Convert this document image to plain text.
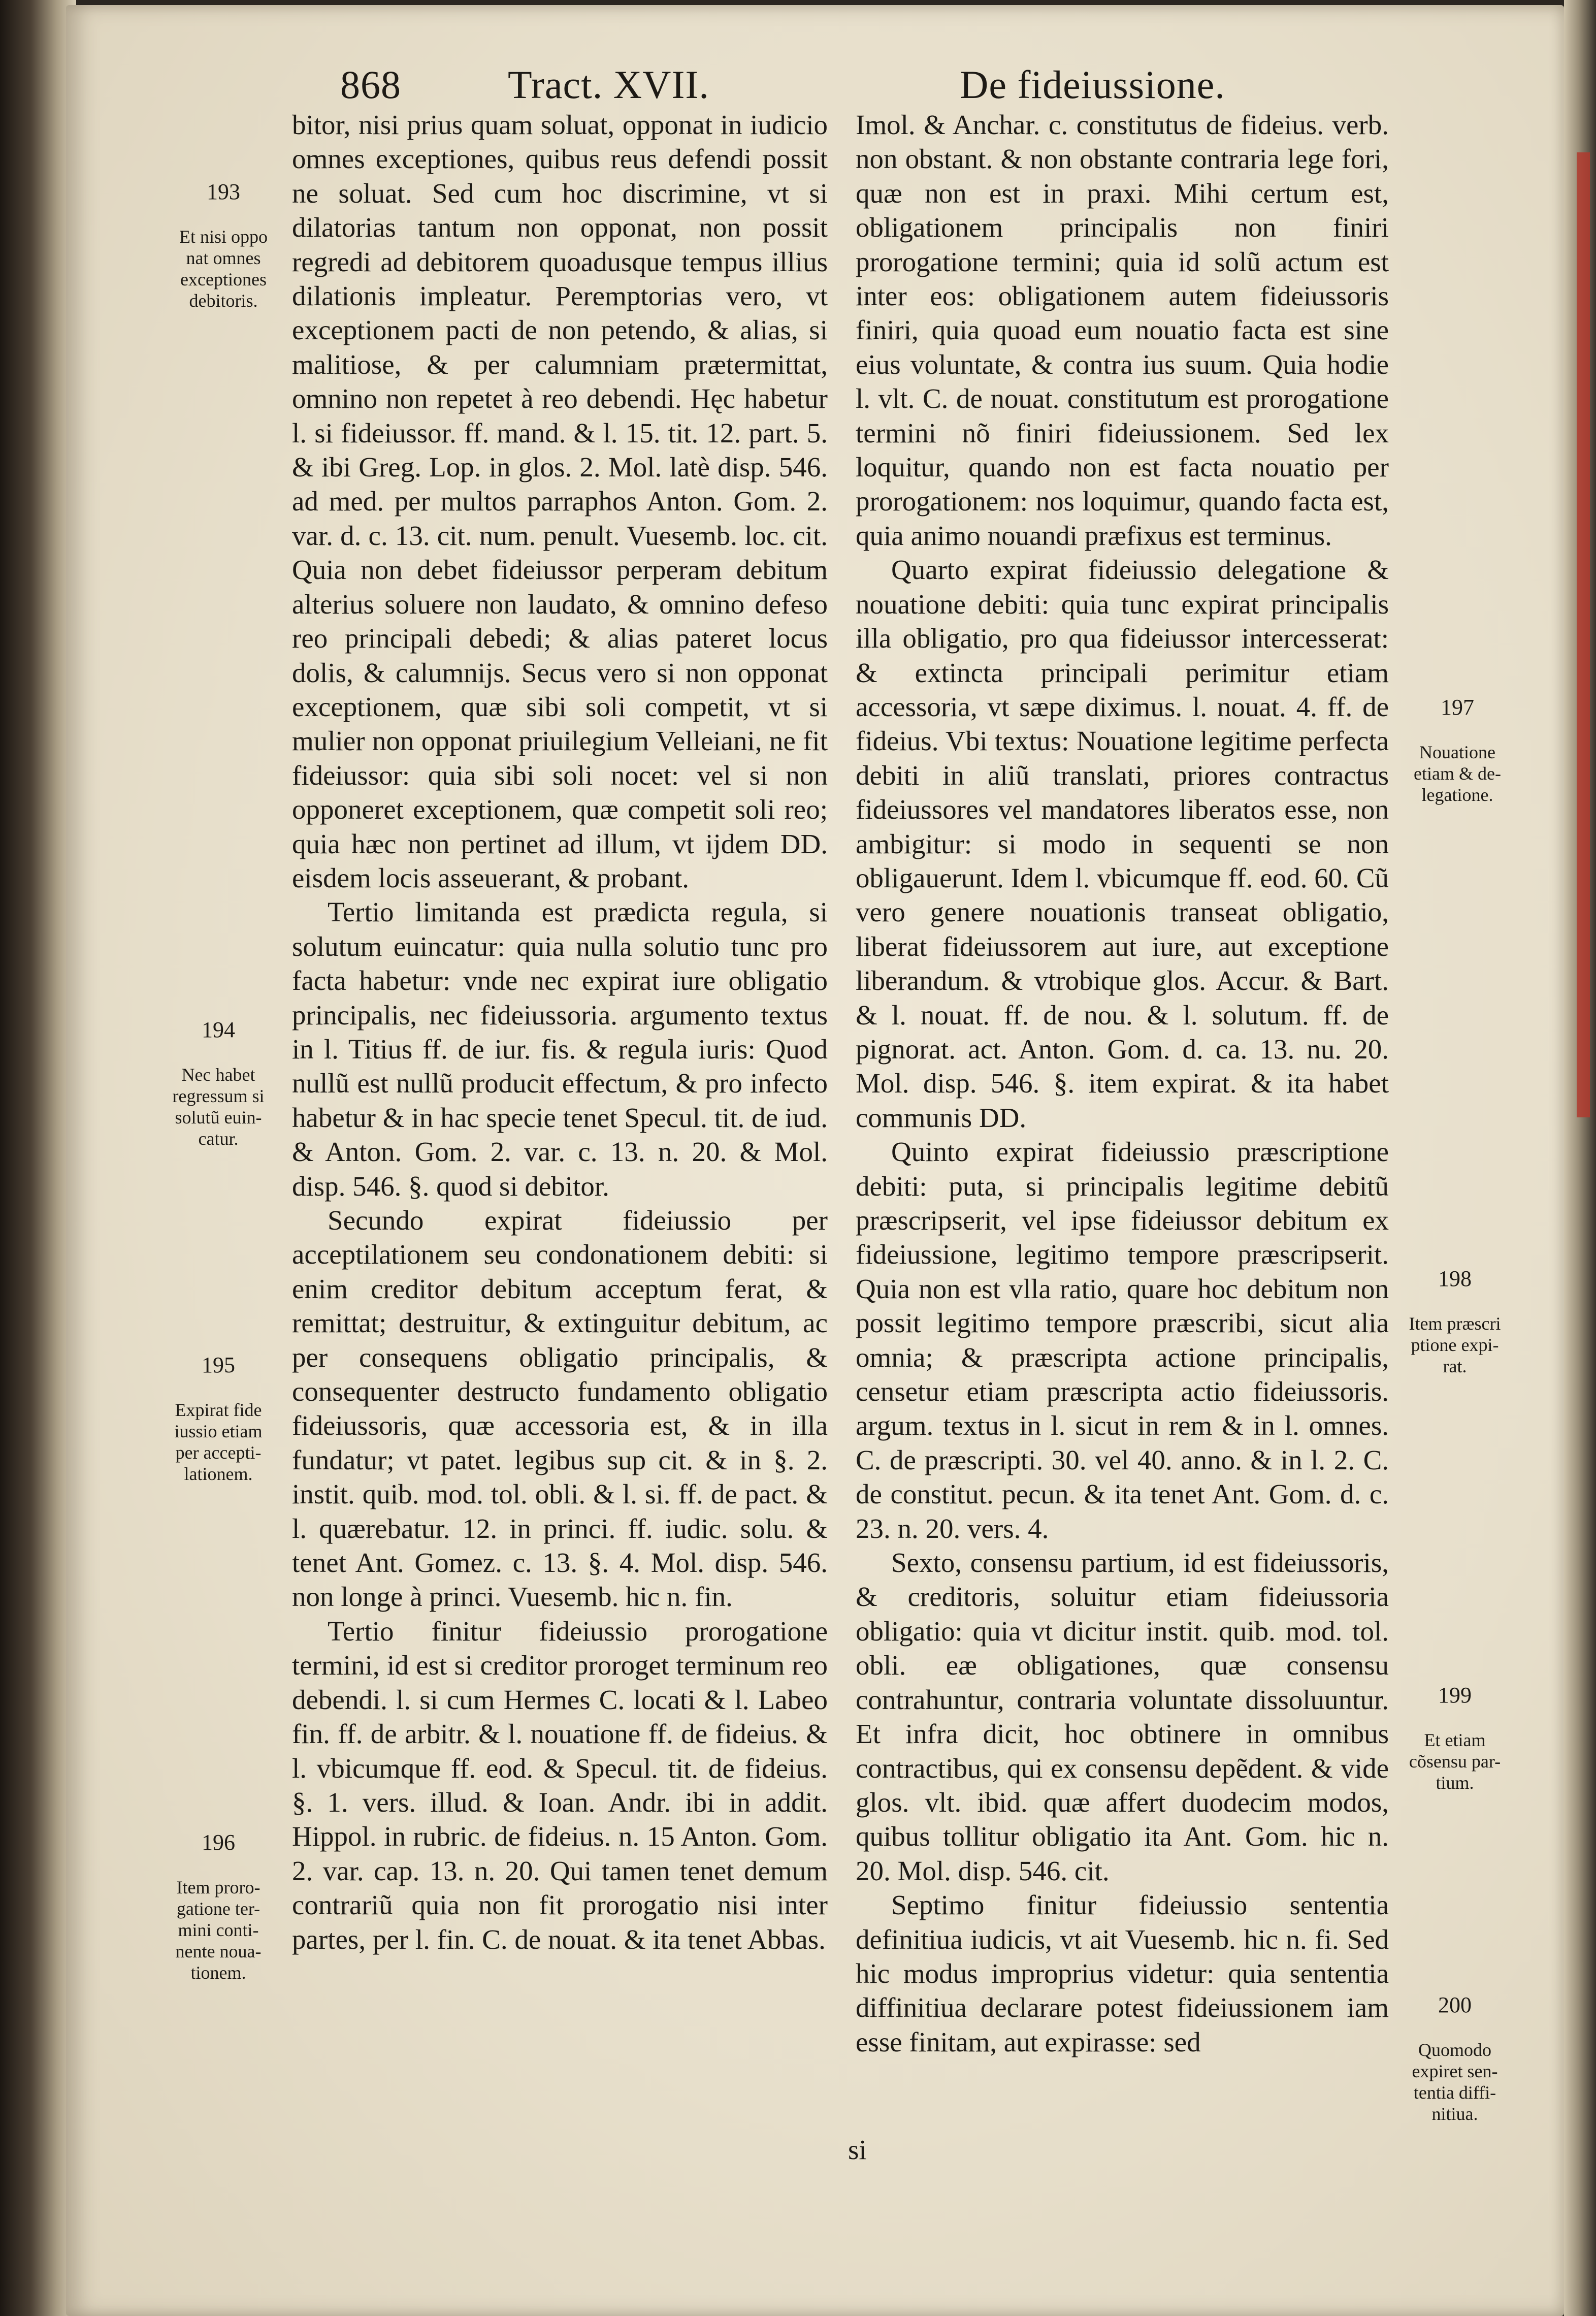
868	Tract. XVII.	De fideiussione.

bitor, nisi prius quam soluat, opponat in iudicio omnes exceptiones, quibus reus defendi possit ne soluat. Sed cum hoc discrimine, vt si dilatorias tantum non opponat, non possit regredi ad debitorem quoadusque tempus illius dilationis impleatur. Peremptorias vero, vt exceptionem pacti de non petendo, & alias, si malitiose, & per calumniam prætermittat, omnino non repetet à reo debendi. Hęc habetur l. si fideiussor. ff. mand. & l. 15. tit. 12. part. 5. & ibi Greg. Lop. in glos. 2. Mol. latè disp. 546. ad med. per multos parraphos Anton. Gom. 2. var. d. c. 13. cit. num. penult. Vuesemb. loc. cit. Quia non debet fideiussor perperam debitum alterius soluere non laudato, & omnino defeso reo principali debedi; & alias pateret locus dolis, & calumnijs. Secus vero si non opponat exceptionem, quæ sibi soli competit, vt si mulier non opponat priuilegium Velleiani, ne fit fideiussor: quia sibi soli nocet: vel si non opponeret exceptionem, quæ competit soli reo; quia hæc non pertinet ad illum, vt ijdem DD. eisdem locis asseuerant, & probant.

Tertio limitanda est prædicta regula, si solutum euincatur: quia nulla solutio tunc pro facta habetur: vnde nec expirat iure obligatio principalis, nec fideiussoria. argumento textus in l. Titius ff. de iur. fis. & regula iuris: Quod nullũ est nullũ producit effectum, & pro infecto habetur & in hac specie tenet Specul. tit. de iud. & Anton. Gom. 2. var. c. 13. n. 20. & Mol. disp. 546. §. quod si debitor.

Secundo expirat fideiussio per acceptilationem seu condonationem debiti: si enim creditor debitum acceptum ferat, & remittat; destruitur, & extinguitur debitum, ac per consequens obligatio principalis, & consequenter destructo fundamento obligatio fideiussoris, quæ accessoria est, & in illa fundatur; vt patet. legibus sup cit. & in §. 2. instit. quib. mod. tol. obli. & l. si. ff. de pact. & l. quærebatur. 12. in princi. ff. iudic. solu. & tenet Ant. Gomez. c. 13. §. 4. Mol. disp. 546. non longe à princi. Vuesemb. hic n. fin.

Tertio finitur fideiussio prorogatione termini, id est si creditor proroget terminum reo debendi. l. si cum Hermes C. locati & l. Labeo fin. ff. de arbitr. & l. nouatione ff. de fideius. & l. vbicumque ff. eod. & Specul. tit. de fideius. §. 1. vers. illud. & Ioan. Andr. ibi in addit. Hippol. in rubric. de fideius. n. 15 Anton. Gom. 2. var. cap. 13. n. 20. Qui tamen tenet demum contrariũ quia non fit prorogatio nisi inter partes, per l. fin. C. de nouat. & ita tenet Abbas.

Imol. & Anchar. c. constitutus de fideius. verb. non obstant. & non obstante contraria lege fori, quæ non est in praxi. Mihi certum est, obligationem principalis non finiri prorogatione termini; quia id solũ actum est inter eos: obligationem autem fideiussoris finiri, quia quoad eum nouatio facta est sine eius voluntate, & contra ius suum. Quia hodie l. vlt. C. de nouat. constitutum est prorogatione termini nõ finiri fideiussionem. Sed lex loquitur, quando non est facta nouatio per prorogationem: nos loquimur, quando facta est, quia animo nouandi præfixus est terminus.

Quarto expirat fideiussio delegatione & nouatione debiti: quia tunc expirat principalis illa obligatio, pro qua fideiussor intercesserat: & extincta principali perimitur etiam accessoria, vt sæpe diximus. l. nouat. 4. ff. de fideius. Vbi textus: Nouatione legitime perfecta debiti in aliũ translati, priores contractus fideiussores vel mandatores liberatos esse, non ambigitur: si modo in sequenti se non obligauerunt. Idem l. vbicumque ff. eod. 60. Cũ vero genere nouationis transeat obligatio, liberat fideiussorem aut iure, aut exceptione liberandum. & vtrobique glos. Accur. & Bart. & l. nouat. ff. de nou. & l. solutum. ff. de pignorat. act. Anton. Gom. d. ca. 13. nu. 20. Mol. disp. 546. §. item expirat. & ita habet communis DD.

Quinto expirat fideiussio præscriptione debiti: puta, si principalis legitime debitũ præscripserit, vel ipse fideiussor debitum ex fideiussione, legitimo tempore præscripserit. Quia non est vlla ratio, quare hoc debitum non possit legitimo tempore præscribi, sicut alia omnia; & præscripta actione principalis, censetur etiam præscripta actio fideiussoris. argum. textus in l. sicut in rem & in l. omnes. C. de præscripti. 30. vel 40. anno. & in l. 2. C. de constitut. pecun. & ita tenet Ant. Gom. d. c. 23. n. 20. vers. 4.

Sexto, consensu partium, id est fideiussoris, & creditoris, soluitur etiam fideiussoria obligatio: quia vt dicitur instit. quib. mod. tol. obli. eæ obligationes, quæ consensu contrahuntur, contraria voluntate dissoluuntur. Et infra dicit, hoc obtinere in omnibus contractibus, qui ex consensu depẽdent. & vide glos. vlt. ibid. quæ affert duodecim modos, quibus tollitur obligatio ita Ant. Gom. hic n. 20. Mol. disp. 546. cit.

Septimo finitur fideiussio sententia definitiua iudicis, vt ait Vuesemb. hic n. fi. Sed hic modus improprius videtur: quia sententia diffinitiua declarare potest fideiussionem iam esse finitam, aut expirasse: sed

si

193

Et nisi oppo
nat omnes
exceptiones
debitoris.

194

Nec habet
regressum si
solutũ euin-
catur.

195

Expirat fide
iussio etiam
per accepti-
lationem.

196

Item proro-
gatione ter-
mini conti-
nente noua-
tionem.

197

Nouatione
etiam & de-
legatione.

198

Item præscri
ptione expi-
rat.

199

Et etiam
cõsensu par-
tium.

200

Quomodo
expiret sen-
tentia diffi-
nitiua.
